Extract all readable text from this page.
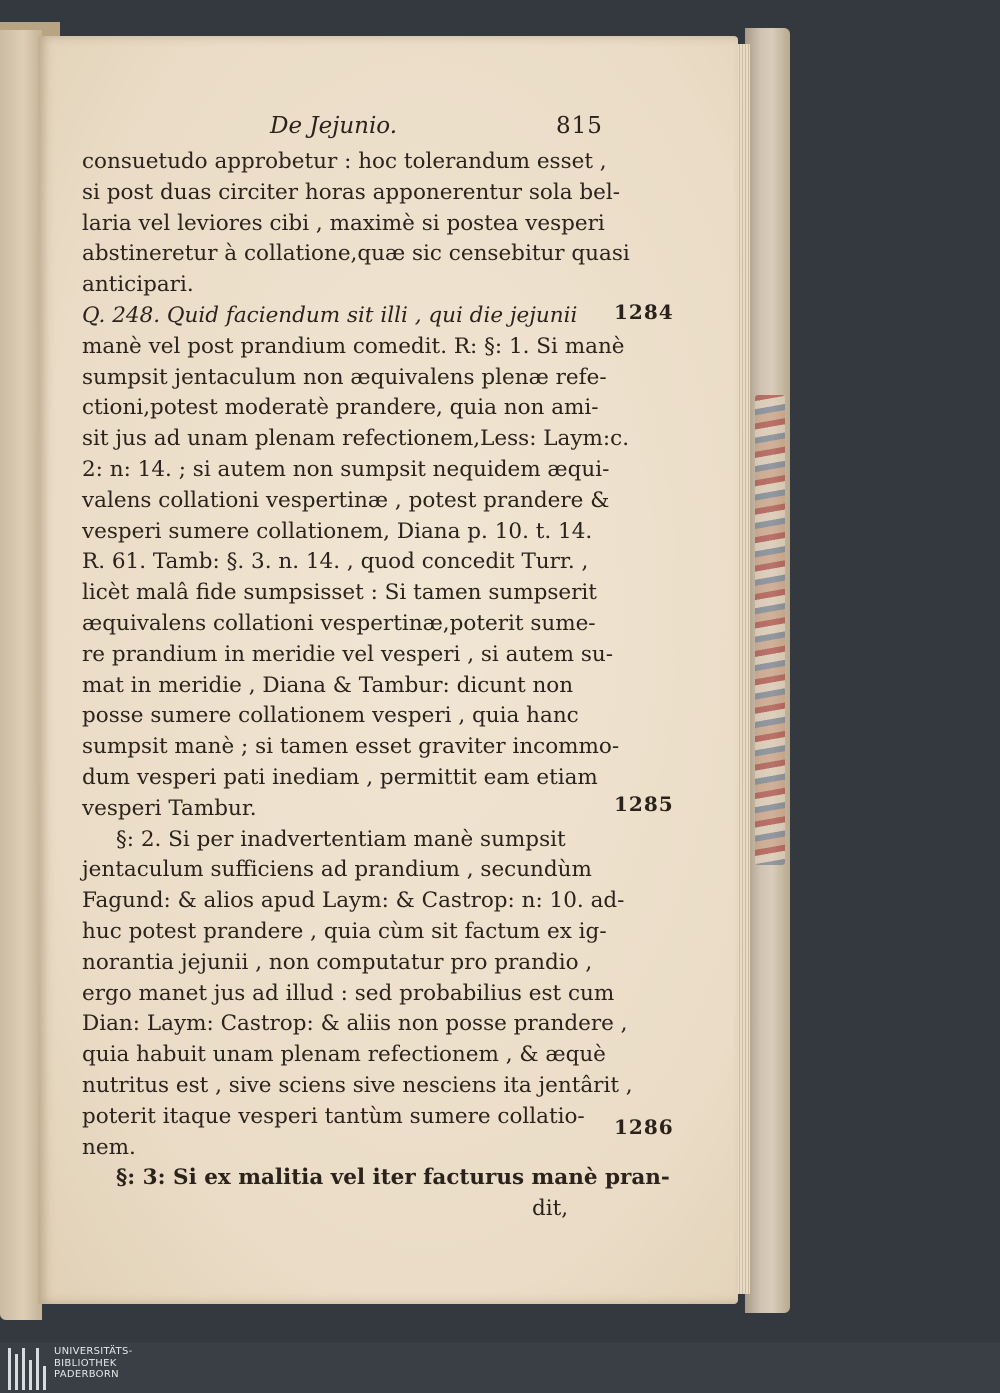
De Jejunio.	815
consuetudo approbetur : hoc tolerandum esset ,
si post duas circiter horas apponerentur sola bel-
laria vel leviores cibi , maximè si postea vesperi
abstineretur à collatione,quæ sic censebitur quasi
anticipari.
Q. 248. Quid faciendum sit illi , qui die jejunii
manè vel post prandium comedit. R: §: 1. Si manè
sumpsit jentaculum non æquivalens plenæ refe-
ctioni,potest moderatè prandere, quia non ami-
sit jus ad unam plenam refectionem,Less: Laym:c.
2: n: 14. ; si autem non sumpsit nequidem æqui-
valens collationi vespertinæ , potest prandere &
vesperi sumere collationem, Diana p. 10. t. 14.
R. 61. Tamb: §. 3. n. 14. , quod concedit Turr. ,
licèt malâ fide sumpsisset : Si tamen sumpserit
æquivalens collationi vespertinæ,poterit sume-
re prandium in meridie vel vesperi , si autem su-
mat in meridie , Diana & Tambur: dicunt non
posse sumere collationem vesperi , quia hanc
sumpsit manè ; si tamen esset graviter incommo-
dum vesperi pati inediam , permittit eam etiam
vesperi Tambur.
§: 2. Si per inadvertentiam manè sumpsit
jentaculum sufficiens ad prandium , secundùm
Fagund: & alios apud Laym: & Castrop: n: 10. ad-
huc potest prandere , quia cùm sit factum ex ig-
norantia jejunii , non computatur pro prandio ,
ergo manet jus ad illud : sed probabilius est cum
Dian: Laym: Castrop: & aliis non posse prandere ,
quia habuit unam plenam refectionem , & æquè
nutritus est , sive sciens sive nesciens ita jentârit ,
poterit itaque vesperi tantùm sumere collatio-
nem.
§: 3: Si ex malitia vel iter facturus manè pran-
dit,
1284
1285
1286
UNIVERSITÄTS-
BIBLIOTHEK
PADERBORN
